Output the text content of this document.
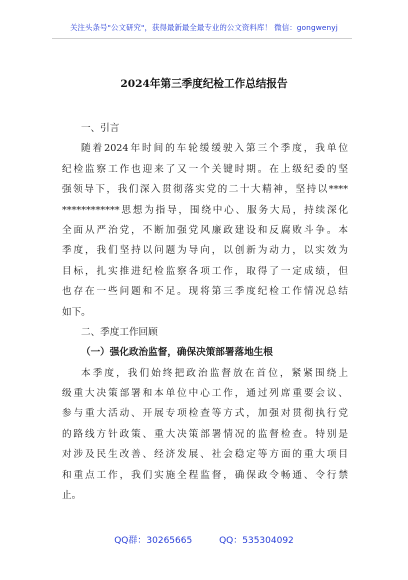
关注头条号"公文研究"，获得最新最全最专业的公文资料库！ 微信：gongwenyj
2024年第三季度纪检工作总结报告
一、引言
随着2024年时间的车轮缓缓驶入第三个季度，我单位
纪检监察工作也迎来了又一个关键时期。在上级纪委的坚
强领导下，我们深入贯彻落实党的二十大精神，坚持以****
************思想为指导，围绕中心、服务大局，持续深化
全面从严治党，不断加强党风廉政建设和反腐败斗争。本
季度，我们坚持以问题为导向，以创新为动力，以实效为
目标，扎实推进纪检监察各项工作，取得了一定成绩，但
也存在一些问题和不足。现将第三季度纪检工作情况总结
如下。
二、季度工作回顾
（一）强化政治监督，确保决策部署落地生根
本季度，我们始终把政治监督放在首位，紧紧围绕上
级重大决策部署和本单位中心工作，通过列席重要会议、
参与重大活动、开展专项检查等方式，加强对贯彻执行党
的路线方针政策、重大决策部署情况的监督检查。特别是
对涉及民生改善、经济发展、社会稳定等方面的重大项目
和重点工作，我们实施全程监督，确保政令畅通、令行禁
止。
QQ群：30265665	QQ：535304092
